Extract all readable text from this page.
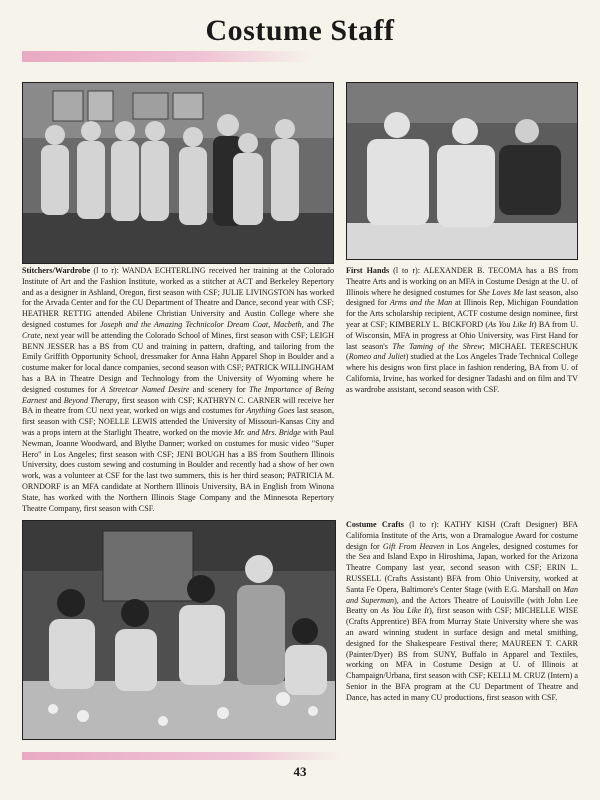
Costume Staff

Stitchers/Wardrobe (l to r): WANDA ECHTERLING received her training at the Colorado Institute of Art and the Fashion Institute, worked as a stitcher at ACT and Berkeley Repertory and as a designer in Ashland, Oregon, first season with CSF; JULIE LIVINGSTON has worked for the Arvada Center and for the CU Department of Theatre and Dance, second year with CSF; HEATHER RETTIG attended Abilene Christian University and Austin College where she designed costumes for Joseph and the Amazing Technicolor Dream Coat, Macbeth, and The Crate, next year will be attending the Colorado School of Mines, first season with CSF; LEIGH BENN JESSER has a BS from CU and training in pattern, drafting, and tailoring from the Emily Griffith Opportunity School, dressmaker for Anna Hahn Apparel Shop in Boulder and a costume maker for local dance companies, second season with CSF; PATRICK WILLINGHAM has a BA in Theatre Design and Technology from the University of Wyoming where he designed costumes for A Streetcar Named Desire and scenery for The Importance of Being Earnest and Beyond Therapy, first season with CSF; KATHRYN C. CARNER will receive her BA in theatre from CU next year, worked on wigs and costumes for Anything Goes last season, first season with CSF; NOELLE LEWIS attended the University of Missouri-Kansas City and was a props intern at the Starlight Theatre, worked on the movie Mr. and Mrs. Bridge with Paul Newman, Joanne Woodward, and Blythe Danner; worked on costumes for music video "Super Hero" in Los Angeles; first season with CSF; JENI BOUGH has a BS from Southern Illinois University, does custom sewing and costuming in Boulder and recently had a show of her own work, was a volunteer at CSF for the last two summers, this is her third season; PATRICIA M. ORNDORF is an MFA candidate at Northern Illinois University, BA in English from Winona State, has worked with the Northern Illinois Stage Company and the Minnesota Repertory Theatre Company, first season with CSF.

First Hands (l to r): ALEXANDER B. TECOMA has a BS from Theatre Arts and is working on an MFA in Costume Design at the U. of Illinois where he designed costumes for She Loves Me last season, also designed for Arms and the Man at Illinois Rep, Michigan Foundation for the Arts scholarship recipient, ACTF costume design nominee, first year at CSF; KIMBERLY L. BICKFORD (As You Like It) BA from U. of Wisconsin, MFA in progress at Ohio University, was First Hand for last season's The Taming of the Shrew; MICHAEL TERESCHUK (Romeo and Juliet) studied at the Los Angeles Trade Technical College where his designs won first place in fashion rendering, BA from U. of California, Irvine, has worked for designer Tadashi and on film and TV as wardrobe assistant, second season with CSF.

Costume Crafts (l to r): KATHY KISH (Craft Designer) BFA California Institute of the Arts, won a Dramalogue Award for costume design for Gift From Heaven in Los Angeles, designed costumes for the Sea and Island Expo in Hiroshima, Japan, worked for the Arizona Theatre Company last year, second season with CSF; ERIN L. RUSSELL (Crafts Assistant) BFA from Ohio University, worked at Santa Fe Opera, Baltimore's Center Stage (with E.G. Marshall on Man and Superman), and the Actors Theatre of Louisville (with John Lee Beatty on As You Like It), first season with CSF; MICHELLE WISE (Crafts Apprentice) BFA from Murray State University where she was an award winning student in surface design and metal smithing, designed for the Shakespeare Festival there; MAUREEN T. CARR (Painter/Dyer) BS from SUNY, Buffalo in Apparel and Textiles, working on MFA in Costume Design at U. of Illinois at Champaign/Urbana, first season with CSF; KELLI M. CRUZ (Intern) a Senior in the BFA program at the CU Department of Theatre and Dance, has acted in many CU productions, first season with CSF.

43
